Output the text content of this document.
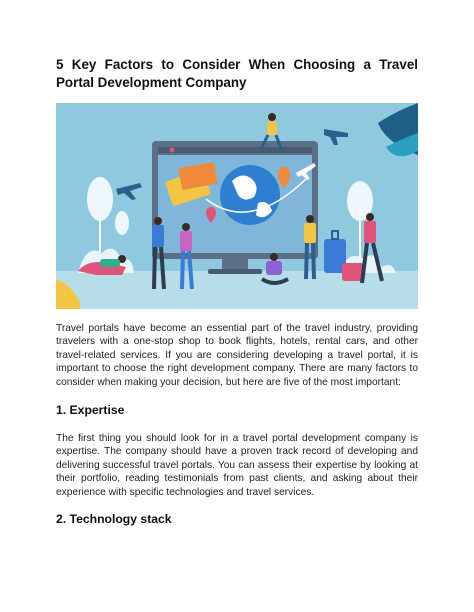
5 Key Factors to Consider When Choosing a Travel Portal Development Company

Travel portals have become an essential part of the travel industry, providing travelers with a one-stop shop to book flights, hotels, rental cars, and other travel-related services. If you are considering developing a travel portal, it is important to choose the right development company. There are many factors to consider when making your decision, but here are five of the most important:

1. Expertise

The first thing you should look for in a travel portal development company is expertise. The company should have a proven track record of developing and delivering successful travel portals. You can assess their expertise by looking at their portfolio, reading testimonials from past clients, and asking about their experience with specific technologies and travel services.

2. Technology stack
